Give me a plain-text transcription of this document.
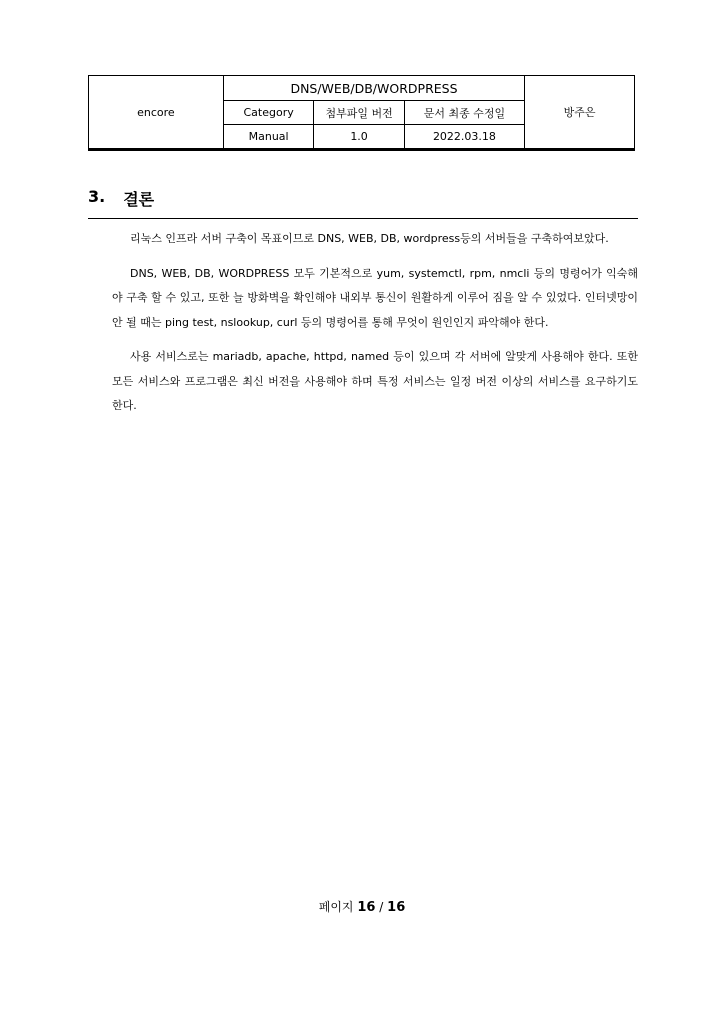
encore	DNS/WEB/DB/WORDPRESS			방주은
	Category	첨부파일 버전	문서 최종 수정일	
	Manual	1.0	2022.03.18	
3. 결론

리눅스 인프라 서버 구축이 목표이므로 DNS, WEB, DB, wordpress등의 서버들을 구축하여보았다.

DNS, WEB, DB, WORDPRESS 모두 기본적으로 yum, systemctl, rpm, nmcli 등의 명령어가 익숙해야 구축 할 수 있고, 또한 늘 방화벽을 확인해야 내외부 통신이 원활하게 이루어 짐을 알 수 있었다. 인터넷망이 안 될 때는 ping test, nslookup, curl 등의 명령어를 통해 무엇이 원인인지 파악해야 한다.

사용 서비스로는 mariadb, apache, httpd, named 등이 있으며 각 서버에 알맞게 사용해야 한다. 또한 모든 서비스와 프로그램은 최신 버전을 사용해야 하며 특정 서비스는 일정 버전 이상의 서비스를 요구하기도 한다.

페이지 16 / 16
